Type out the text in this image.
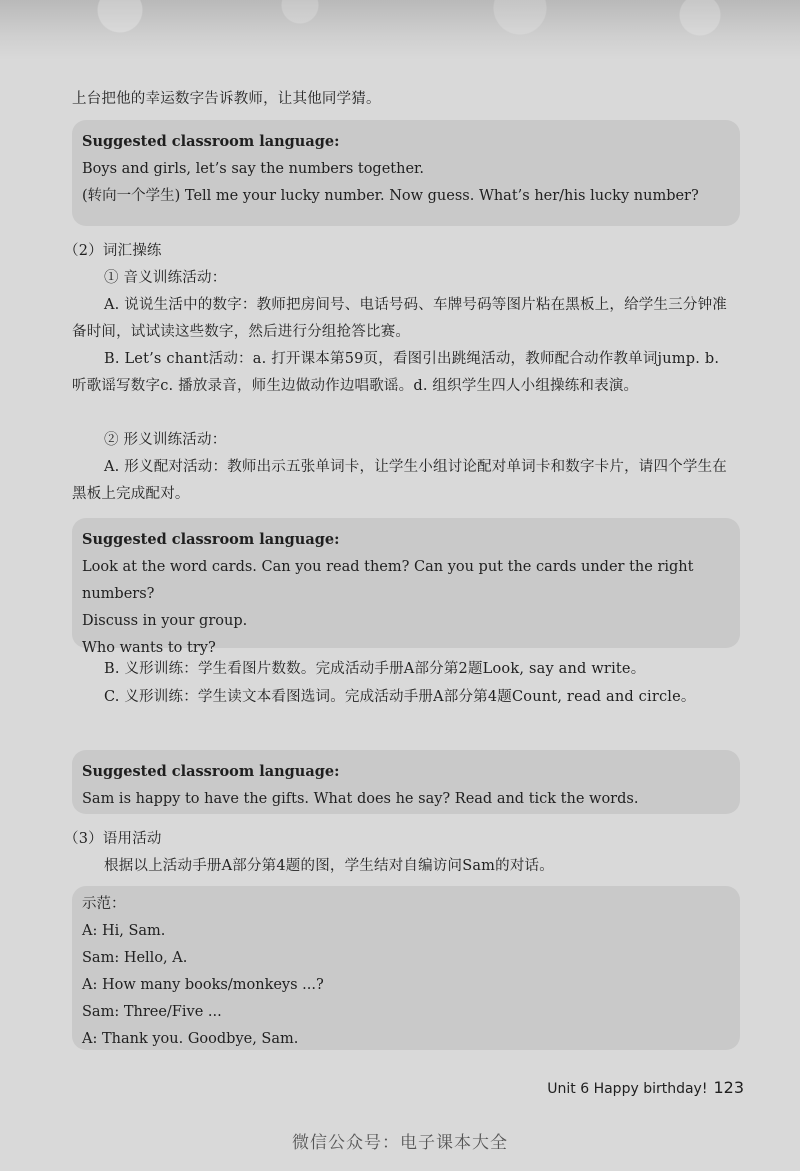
上台把他的幸运数字告诉教师，让其他同学猜。
Suggested classroom language:
Boys and girls, let’s say the numbers together.
(转向一个学生) Tell me your lucky number. Now guess. What’s her/his lucky number?
（2）词汇操练
① 音义训练活动：
A. 说说生活中的数字：教师把房间号、电话号码、车牌号码等图片粘在黑板上，给学生三分钟准备时间，试试读这些数字，然后进行分组抢答比赛。
B. Let’s chant活动：a. 打开课本第59页，看图引出跳绳活动，教师配合动作教单词jump. b. 听歌谣写数字c. 播放录音，师生边做动作边唱歌谣。d. 组织学生四人小组操练和表演。
② 形义训练活动：
A. 形义配对活动：教师出示五张单词卡，让学生小组讨论配对单词卡和数字卡片，请四个学生在黑板上完成配对。
Suggested classroom language:
Look at the word cards. Can you read them? Can you put the cards under the right numbers?
Discuss in your group.
Who wants to try?
B. 义形训练：学生看图片数数。完成活动手册A部分第2题Look, say and write。
C. 义形训练：学生读文本看图选词。完成活动手册A部分第4题Count, read and circle。
Suggested classroom language:
Sam is happy to have the gifts. What does he say? Read and tick the words.
（3）语用活动
根据以上活动手册A部分第4题的图，学生结对自编访问Sam的对话。
示范：
A: Hi, Sam.
Sam: Hello, A.
A: How many books/monkeys ...?
Sam: Three/Five ...
A: Thank you. Goodbye, Sam.
Unit 6 Happy birthday! 123
微信公众号：电子课本大全
